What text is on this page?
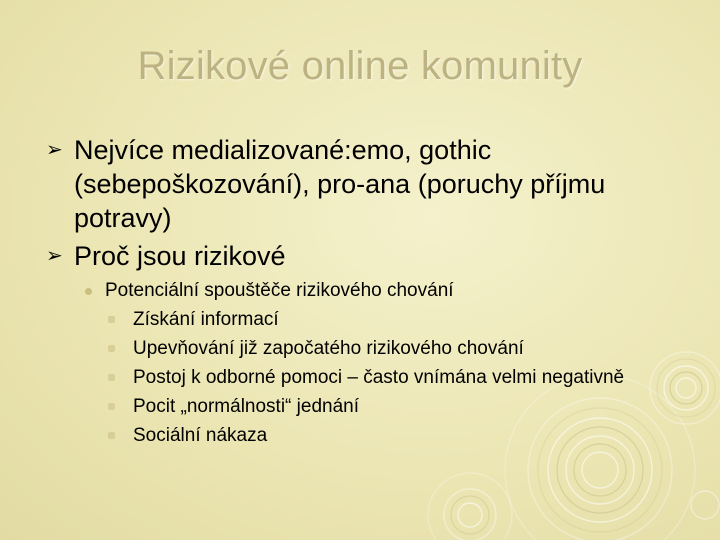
Rizikové online komunity
➢ Nejvíce medializované:emo, gothic (sebepoškozování), pro-ana (poruchy příjmu potravy)
➢ Proč jsou rizikové
Potenciální spouštěče rizikového chování
Získání informací
Upevňování již započatého rizikového chování
Postoj k odborné pomoci – často vnímána velmi negativně
Pocit „normálnosti“ jednání
Sociální nákaza
